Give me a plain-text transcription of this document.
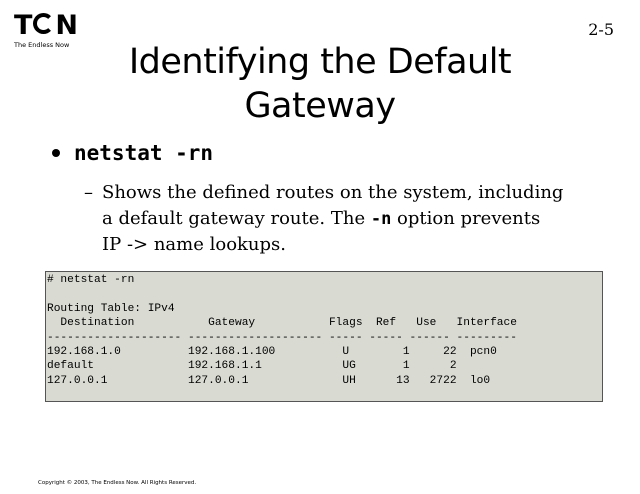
T N
The Endless Now
2-5
Identifying the Default
Gateway
netstat -rn
– Shows the defined routes on the system, including a default gateway route. The -n option prevents IP -> name lookups.
# netstat -rn

Routing Table: IPv4
Destination           Gateway           Flags  Ref   Use   Interface
-------------------- -------------------- ----- ----- ------ ---------
192.168.1.0          192.168.1.100          U        1     22  pcn0
default              192.168.1.1            UG       1      2
127.0.0.1            127.0.0.1              UH      13   2722  lo0
Copyright © 2003, The Endless Now. All Rights Reserved.
